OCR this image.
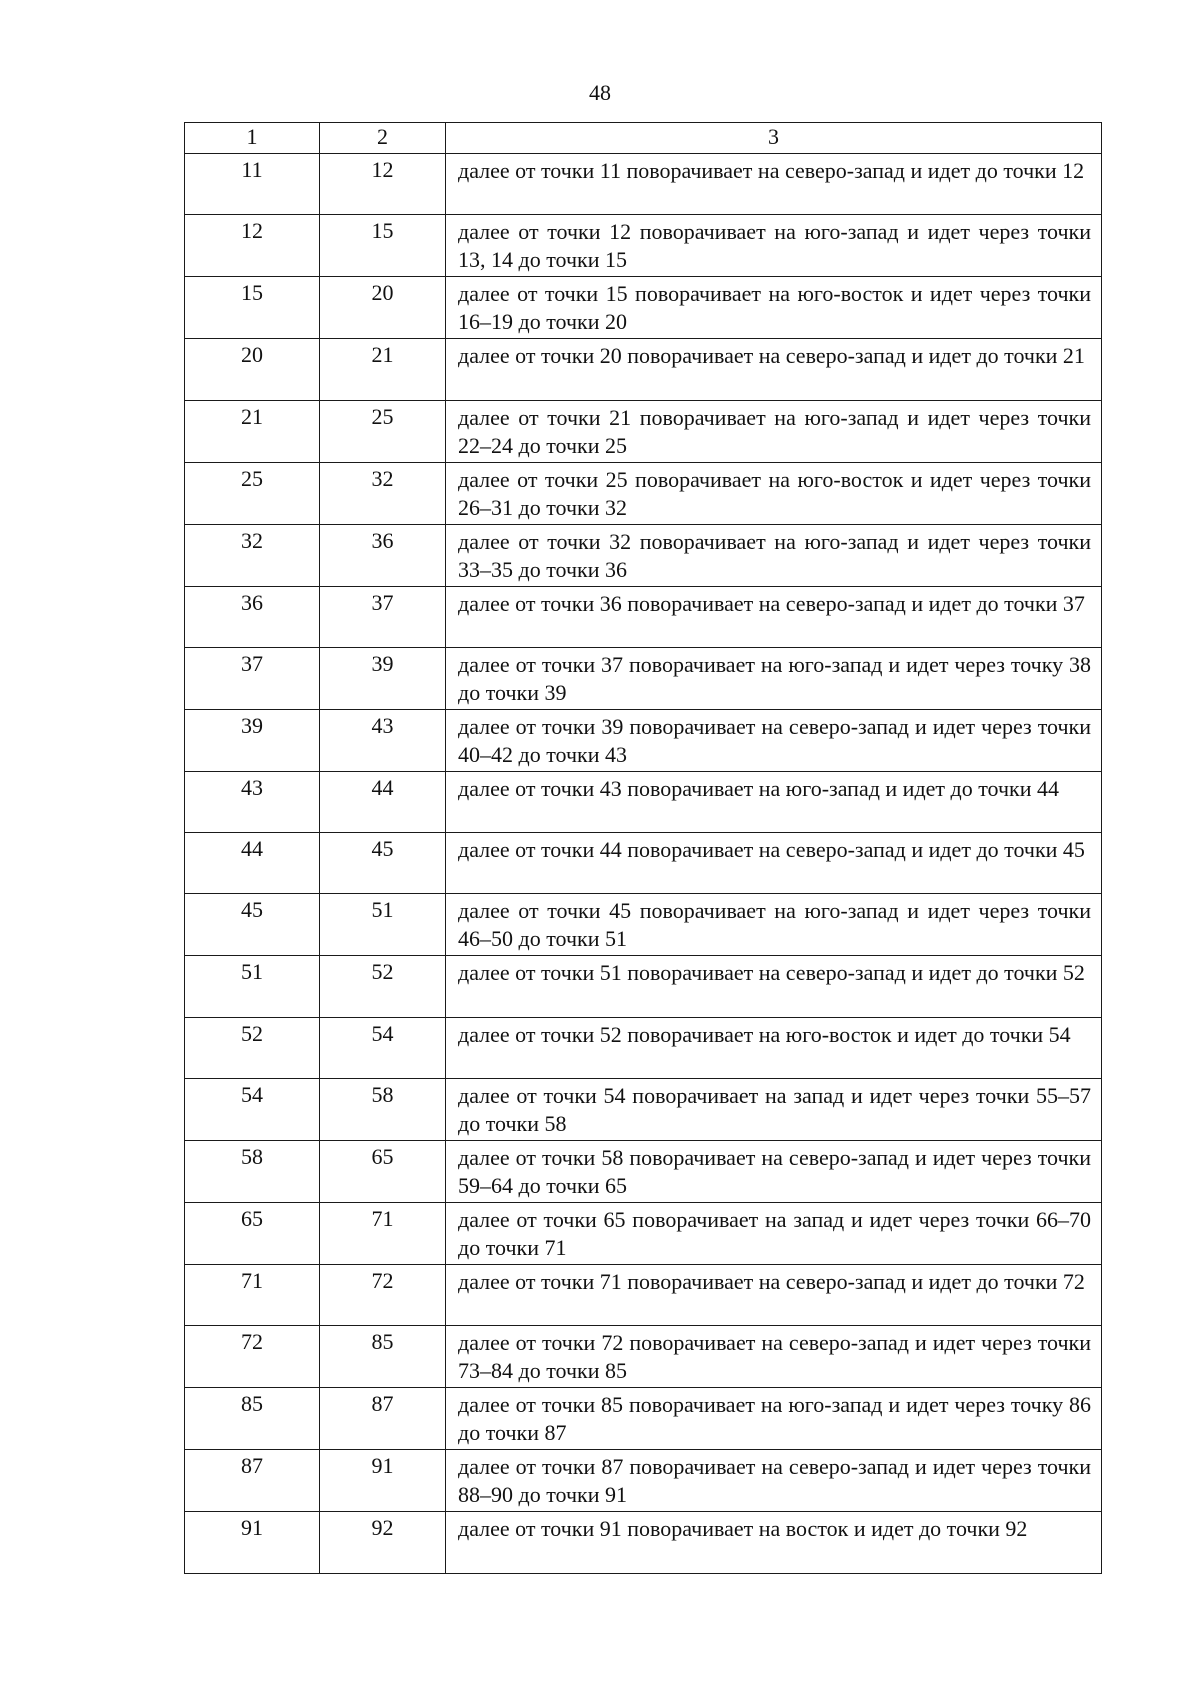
48
1	2	3
11	12	далее от точки 11 поворачивает на северо-запад и идет до точки 12
12	15	далее от точки 12 поворачивает на юго-запад и идет через точки 13, 14 до точки 15
15	20	далее от точки 15 поворачивает на юго-восток и идет через точки 16–19 до точки 20
20	21	далее от точки 20 поворачивает на северо-запад и идет до точки 21
21	25	далее от точки 21 поворачивает на юго-запад и идет через точки 22–24 до точки 25
25	32	далее от точки 25 поворачивает на юго-восток и идет через точки 26–31 до точки 32
32	36	далее от точки 32 поворачивает на юго-запад и идет через точки 33–35 до точки 36
36	37	далее от точки 36 поворачивает на северо-запад и идет до точки 37
37	39	далее от точки 37 поворачивает на юго-запад и идет через точку 38 до точки 39
39	43	далее от точки 39 поворачивает на северо-запад и идет через точки 40–42 до точки 43
43	44	далее от точки 43 поворачивает на юго-запад и идет до точки 44
44	45	далее от точки 44 поворачивает на северо-запад и идет до точки 45
45	51	далее от точки 45 поворачивает на юго-запад и идет через точки 46–50 до точки 51
51	52	далее от точки 51 поворачивает на северо-запад и идет до точки 52
52	54	далее от точки 52 поворачивает на юго-восток и идет до точки 54
54	58	далее от точки 54 поворачивает на запад и идет через точки 55–57 до точки 58
58	65	далее от точки 58 поворачивает на северо-запад и идет через точки 59–64 до точки 65
65	71	далее от точки 65 поворачивает на запад и идет через точки 66–70 до точки 71
71	72	далее от точки 71 поворачивает на северо-запад и идет до точки 72
72	85	далее от точки 72 поворачивает на северо-запад и идет через точки 73–84 до точки 85
85	87	далее от точки 85 поворачивает на юго-запад и идет через точку 86 до точки 87
87	91	далее от точки 87 поворачивает на северо-запад и идет через точки 88–90 до точки 91
91	92	далее от точки 91 поворачивает на восток и идет до точки 92
